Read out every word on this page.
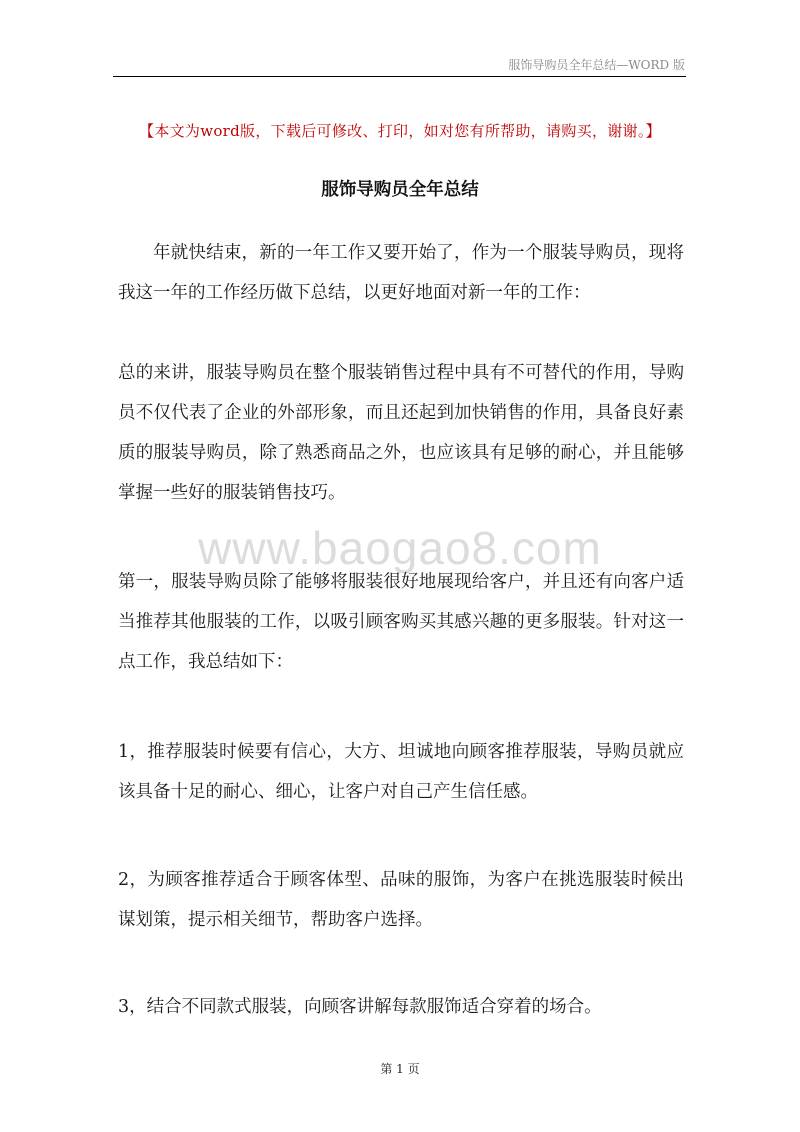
服饰导购员全年总结—WORD 版
【本文为word版，下载后可修改、打印，如对您有所帮助，请购买，谢谢。】
服饰导购员全年总结

年就快结束，新的一年工作又要开始了，作为一个服装导购员，现将我这一年的工作经历做下总结，以更好地面对新一年的工作：

总的来讲，服装导购员在整个服装销售过程中具有不可替代的作用，导购员不仅代表了企业的外部形象，而且还起到加快销售的作用，具备良好素质的服装导购员，除了熟悉商品之外，也应该具有足够的耐心，并且能够掌握一些好的服装销售技巧。

www.baogao8.com

第一，服装导购员除了能够将服装很好地展现给客户，并且还有向客户适当推荐其他服装的工作，以吸引顾客购买其感兴趣的更多服装。针对这一点工作，我总结如下：

1，推荐服装时候要有信心，大方、坦诚地向顾客推荐服装，导购员就应该具备十足的耐心、细心，让客户对自己产生信任感。

2，为顾客推荐适合于顾客体型、品味的服饰，为客户在挑选服装时候出谋划策，提示相关细节，帮助客户选择。

3，结合不同款式服装，向顾客讲解每款服饰适合穿着的场合。

第 1 页
